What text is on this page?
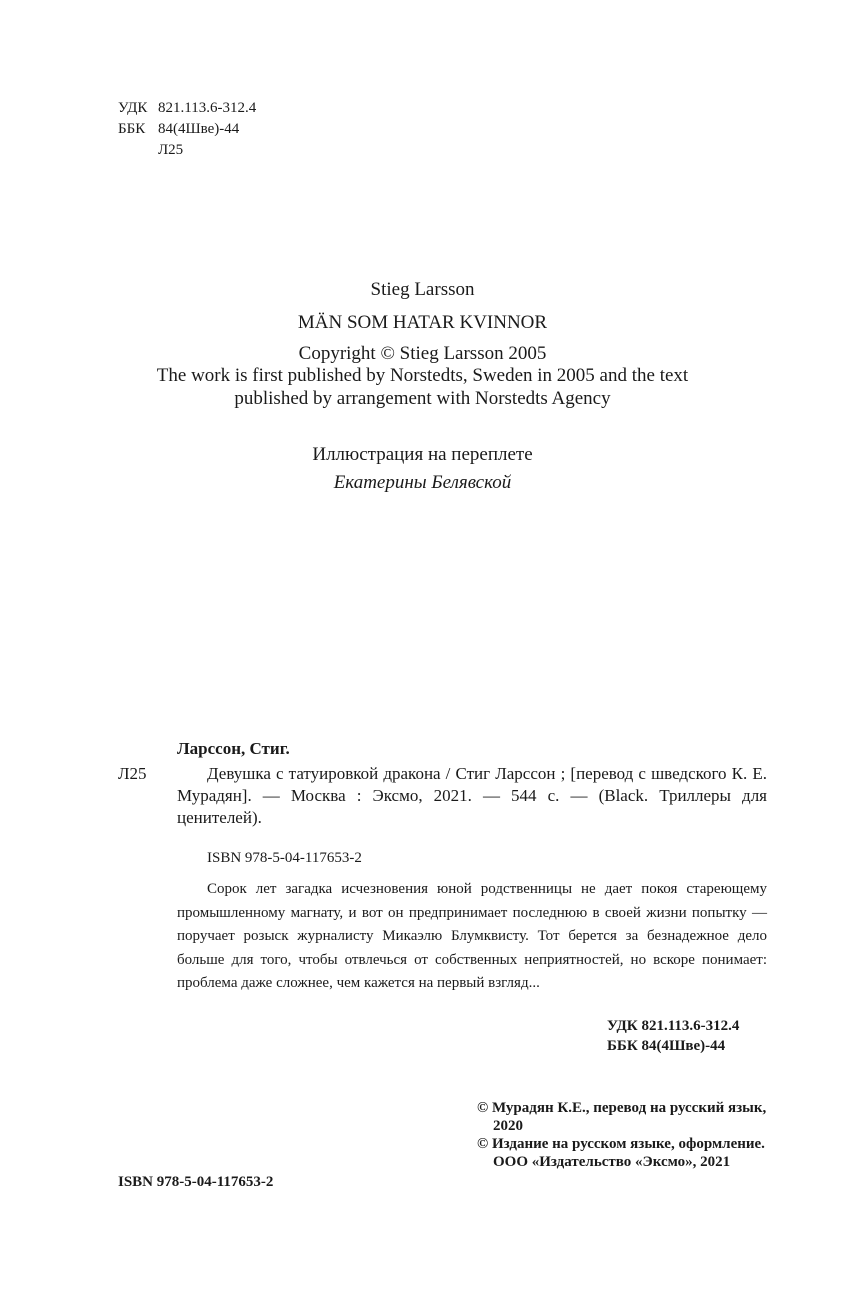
УДК 821.113.6-312.4
ББК 84(4Шве)-44
Л25
Stieg Larsson
MÄN SOM HATAR KVINNOR
Copyright © Stieg Larsson 2005
The work is first published by Norstedts, Sweden in 2005 and the text
published by arrangement with Norstedts Agency
Иллюстрация на переплете
Екатерины Белявской
Ларссон, Стиг.
Л25	Девушка с татуировкой дракона / Стиг Ларссон ; [перевод с шведского К. Е. Мурадян]. — Москва : Эксмо, 2021. — 544 с. — (Black. Триллеры для ценителей).
ISBN 978-5-04-117653-2
Сорок лет загадка исчезновения юной родственницы не дает покоя стареющему промышленному магнату, и вот он предпринимает последнюю в своей жизни попытку — поручает розыск журналисту Микаэлю Блумквисту. Тот берется за безнадежное дело больше для того, чтобы отвлечься от собственных неприятностей, но вскоре понимает: проблема даже сложнее, чем кажется на первый взгляд...
УДК 821.113.6-312.4
ББК 84(4Шве)-44
ISBN 978-5-04-117653-2
© Мурадян К.Е., перевод на русский язык, 2020
© Издание на русском языке, оформление. ООО «Издательство «Эксмо», 2021
